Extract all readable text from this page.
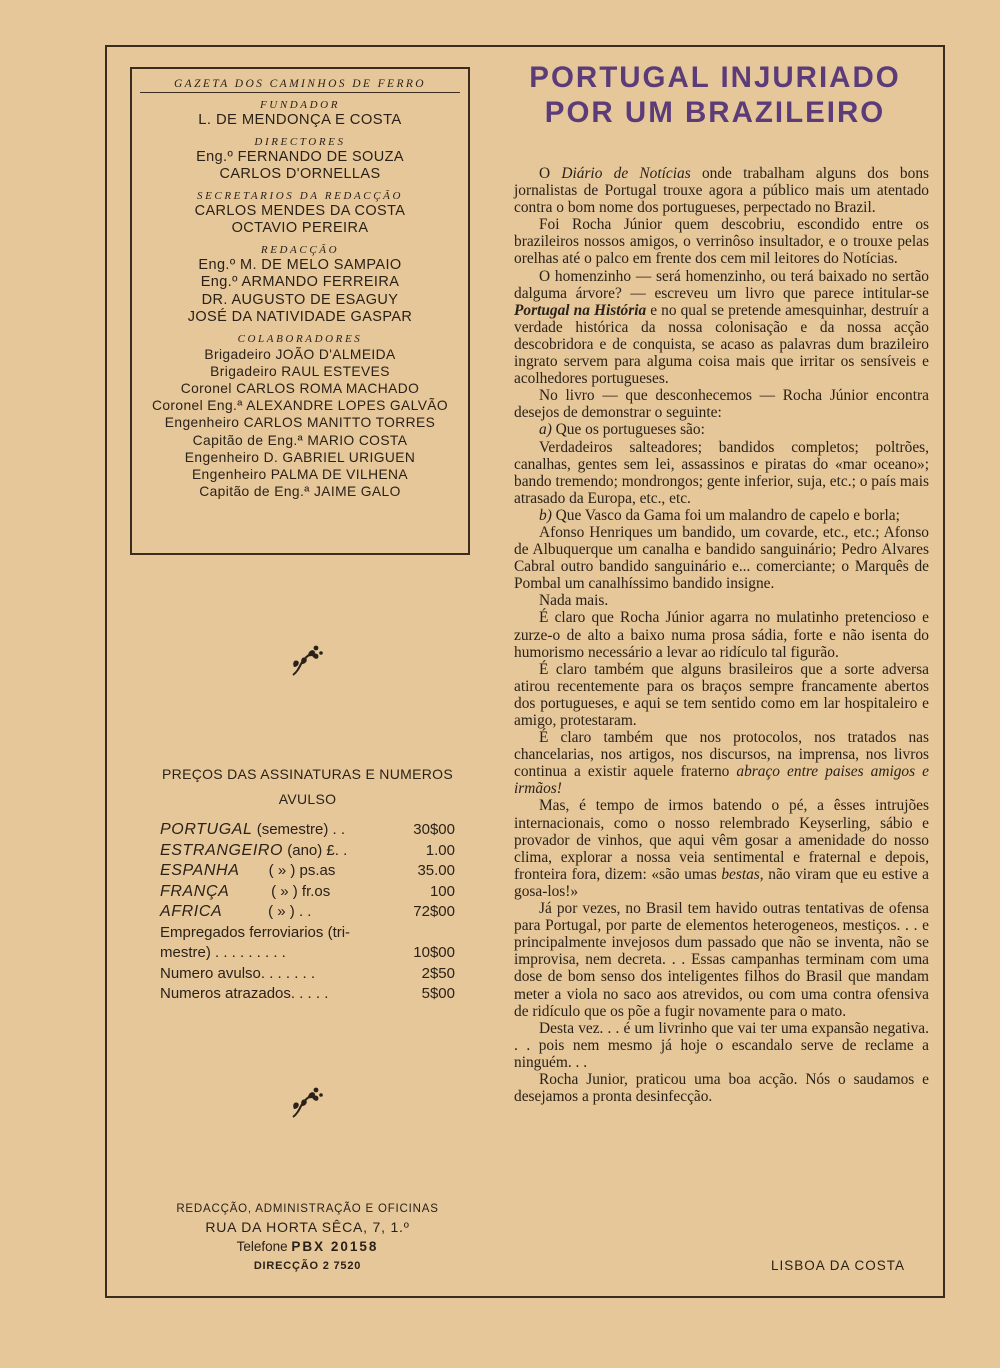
GAZETA DOS CAMINHOS DE FERRO
FUNDADOR
L. DE MENDONÇA E COSTA
DIRECTORES
Eng.º FERNANDO DE SOUZA
CARLOS D'ORNELLAS
SECRETARIOS DA REDACÇÃO
CARLOS MENDES DA COSTA
OCTAVIO PEREIRA
REDACÇÃO
Eng.º M. DE MELO SAMPAIO
Eng.º ARMANDO FERREIRA
DR. AUGUSTO DE ESAGUY
JOSÉ DA NATIVIDADE GASPAR
COLABORADORES
Brigadeiro JOÃO D'ALMEIDA
Brigadeiro RAUL ESTEVES
Coronel CARLOS ROMA MACHADO
Coronel Eng.ª ALEXANDRE LOPES GALVÃO
Engenheiro CARLOS MANITTO TORRES
Capitão de Eng.ª MARIO COSTA
Engenheiro D. GABRIEL URIGUEN
Engenheiro PALMA DE VILHENA
Capitão de Eng.ª JAIME GALO
PREÇOS DAS ASSINATURAS E NUMEROS
AVULSO
PORTUGAL (semestre) . .	30$00
ESTRANGEIRO (ano) £. .	1.00
ESPANHA       ( » ) ps.as	35.00
FRANÇA          ( » ) fr.os	100
AFRICA           ( » ) . .	72$00
Empregados ferroviarios (tri-
mestre) . . . . . . . . .	10$00
Numero avulso. . . . . . .	2$50
Numeros atrazados. . . . .	5$00
REDACÇÃO, ADMINISTRAÇÃO E OFICINAS
RUA DA HORTA SÊCA, 7, 1.º
Telefone PBX 20158
DIRECÇÃO 2 7520
PORTUGAL INJURIADO
POR UM BRAZILEIRO

O Diário de Notícias onde trabalham alguns dos bons jornalistas de Portugal trouxe agora a público mais um atentado contra o bom nome dos portugueses, perpectado no Brazil.

Foi Rocha Júnior quem descobriu, escondido entre os brazileiros nossos amigos, o verrinôso insultador, e o trouxe pelas orelhas até o palco em frente dos cem mil leitores do Notícias.

O homenzinho — será homenzinho, ou terá baixado no sertão dalguma árvore? — escreveu um livro que parece intitular-se Portugal na História e no qual se pretende amesquinhar, destruír a verdade histórica da nossa colonisação e da nossa acção descobridora e de conquista, se acaso as palavras dum brazileiro ingrato servem para alguma coisa mais que irritar os sensíveis e acolhedores portugueses.

No livro — que desconhecemos — Rocha Júnior encontra desejos de demonstrar o seguinte:

a) Que os portugueses são:

Verdadeiros salteadores; bandidos completos; poltrões, canalhas, gentes sem lei, assassinos e piratas do «mar oceano»; bando tremendo; mondrongos; gente inferior, suja, etc.; o país mais atrasado da Europa, etc., etc.

b) Que Vasco da Gama foi um malandro de capelo e borla;

Afonso Henriques um bandido, um covarde, etc., etc.; Afonso de Albuquerque um canalha e bandido sanguinário; Pedro Alvares Cabral outro bandido sanguinário e... comerciante; o Marquês de Pombal um canalhíssimo bandido insigne.

Nada mais.

É claro que Rocha Júnior agarra no mulatinho pretencioso e zurze-o de alto a baixo numa prosa sádia, forte e não isenta do humorismo necessário a levar ao ridículo tal figurão.

É claro também que alguns brasileiros que a sorte adversa atirou recentemente para os braços sempre francamente abertos dos portugueses, e aqui se tem sentido como em lar hospitaleiro e amigo, protestaram.

É claro também que nos protocolos, nos tratados nas chancelarias, nos artigos, nos discursos, na imprensa, nos livros continua a existir aquele fraterno abraço entre paises amigos e irmãos!

Mas, é tempo de irmos batendo o pé, a êsses intrujões internacionais, como o nosso relembrado Keyserling, sábio e provador de vinhos, que aqui vêm gosar a amenidade do nosso clima, explorar a nossa veia sentimental e fraternal e depois, fronteira fora, dizem: «são umas bestas, não viram que eu estive a gosa-los!»

Já por vezes, no Brasil tem havido outras tentativas de ofensa para Portugal, por parte de elementos heterogeneos, mestiços. . . e principalmente invejosos dum passado que não se inventa, não se improvisa, nem decreta. . . Essas campanhas terminam com uma dose de bom senso dos inteligentes filhos do Brasil que mandam meter a viola no saco aos atrevidos, ou com uma contra ofensiva de ridículo que os põe a fugir novamente para o mato.

Desta vez. . . é um livrinho que vai ter uma expansão negativa. . . pois nem mesmo já hoje o escandalo serve de reclame a ninguém. . .

Rocha Junior, praticou uma boa acção. Nós o saudamos e desejamos a pronta desinfecção.

LISBOA DA COSTA
